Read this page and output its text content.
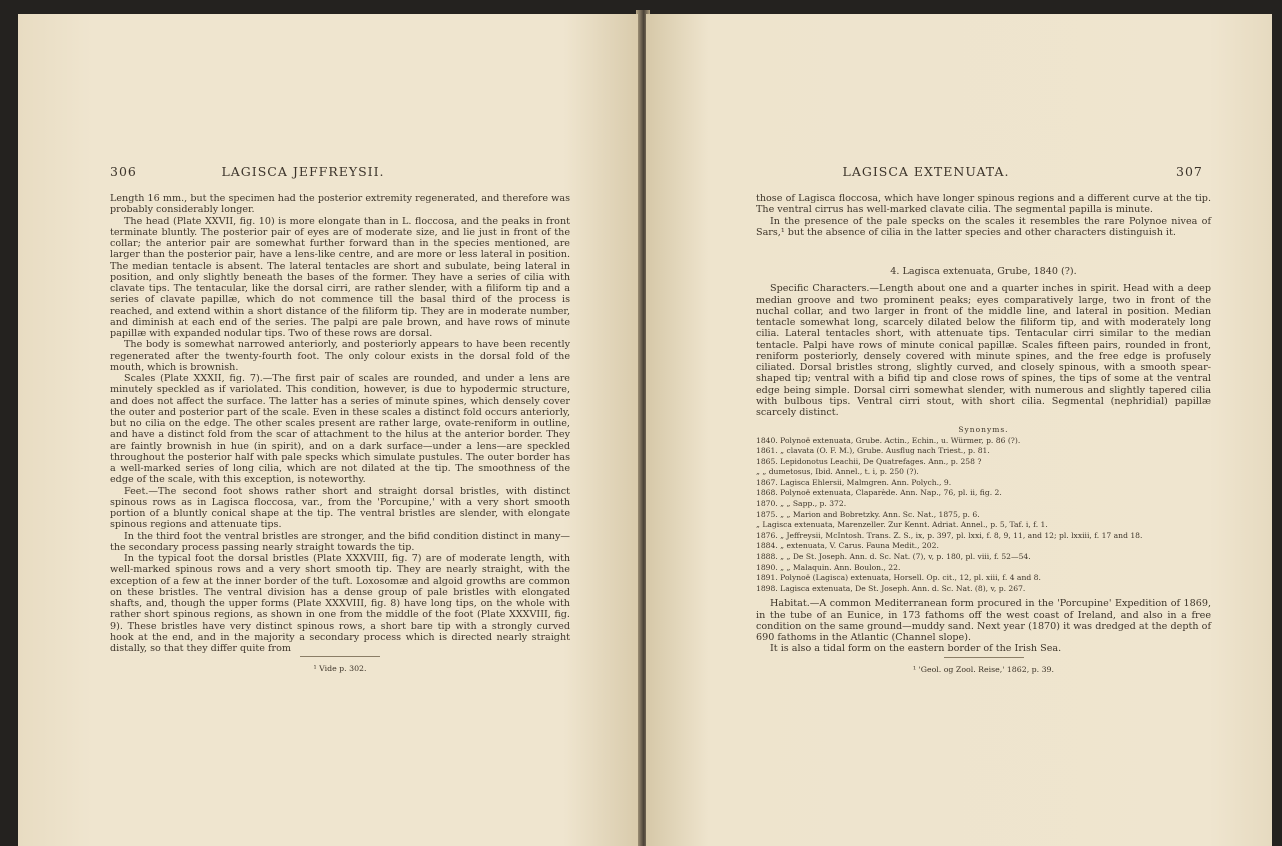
306	LAGISCA JEFFREYSII.

Length 16 mm., but the specimen had the posterior extremity regenerated, and therefore was probably considerably longer.

The head (Plate XXVII, fig. 10) is more elongate than in L. floccosa, and the peaks in front terminate bluntly. The posterior pair of eyes are of moderate size, and lie just in front of the collar; the anterior pair are somewhat further forward than in the species mentioned, are larger than the posterior pair, have a lens-like centre, and are more or less lateral in position. The median tentacle is absent. The lateral tentacles are short and subulate, being lateral in position, and only slightly beneath the bases of the former. They have a series of cilia with clavate tips. The tentacular, like the dorsal cirri, are rather slender, with a filiform tip and a series of clavate papillæ, which do not commence till the basal third of the process is reached, and extend within a short distance of the filiform tip. They are in moderate number, and diminish at each end of the series. The palpi are pale brown, and have rows of minute papillæ with expanded nodular tips. Two of these rows are dorsal.

The body is somewhat narrowed anteriorly, and posteriorly appears to have been recently regenerated after the twenty-fourth foot. The only colour exists in the dorsal fold of the mouth, which is brownish.

Scales (Plate XXXII, fig. 7).—The first pair of scales are rounded, and under a lens are minutely speckled as if variolated. This condition, however, is due to hypodermic structure, and does not affect the surface. The latter has a series of minute spines, which densely cover the outer and posterior part of the scale. Even in these scales a distinct fold occurs anteriorly, but no cilia on the edge. The other scales present are rather large, ovate-reniform in outline, and have a distinct fold from the scar of attachment to the hilus at the anterior border. They are faintly brownish in hue (in spirit), and on a dark surface—under a lens—are speckled throughout the posterior half with pale specks which simulate pustules. The outer border has a well-marked series of long cilia, which are not dilated at the tip. The smoothness of the edge of the scale, with this exception, is noteworthy.

Feet.—The second foot shows rather short and straight dorsal bristles, with distinct spinous rows as in Lagisca floccosa, var., from the 'Porcupine,' with a very short smooth portion of a bluntly conical shape at the tip. The ventral bristles are slender, with elongate spinous regions and attenuate tips.

In the third foot the ventral bristles are stronger, and the bifid condition distinct in many—the secondary process passing nearly straight towards the tip.

In the typical foot the dorsal bristles (Plate XXXVIII, fig. 7) are of moderate length, with well-marked spinous rows and a very short smooth tip. They are nearly straight, with the exception of a few at the inner border of the tuft. Loxosomæ and algoid growths are common on these bristles. The ventral division has a dense group of pale bristles with elongated shafts, and, though the upper forms (Plate XXXVIII, fig. 8) have long tips, on the whole with rather short spinous regions, as shown in one from the middle of the foot (Plate XXXVIII, fig. 9). These bristles have very distinct spinous rows, a short bare tip with a strongly curved hook at the end, and in the majority a secondary process which is directed nearly straight distally, so that they differ quite from

¹ Vide p. 302.

LAGISCA EXTENUATA.	307

those of Lagisca floccosa, which have longer spinous regions and a different curve at the tip. The ventral cirrus has well-marked clavate cilia. The segmental papilla is minute.

In the presence of the pale specks on the scales it resembles the rare Polynoe nivea of Sars,¹ but the absence of cilia in the latter species and other characters distinguish it.

4. Lagisca extenuata, Grube, 1840 (?).

Specific Characters.—Length about one and a quarter inches in spirit. Head with a deep median groove and two prominent peaks; eyes comparatively large, two in front of the nuchal collar, and two larger in front of the middle line, and lateral in position. Median tentacle somewhat long, scarcely dilated below the filiform tip, and with moderately long cilia. Lateral tentacles short, with attenuate tips. Tentacular cirri similar to the median tentacle. Palpi have rows of minute conical papillæ. Scales fifteen pairs, rounded in front, reniform posteriorly, densely covered with minute spines, and the free edge is profusely ciliated. Dorsal bristles strong, slightly curved, and closely spinous, with a smooth spear-shaped tip; ventral with a bifid tip and close rows of spines, the tips of some at the ventral edge being simple. Dorsal cirri somewhat slender, with numerous and slightly tapered cilia with bulbous tips. Ventral cirri stout, with short cilia. Segmental (nephridial) papillæ scarcely distinct.

Synonyms.

1840. Polynoë extenuata, Grube. Actin., Echin., u. Würmer, p. 86 (?).

1861. „ clavata (O. F. M.), Grube. Ausflug nach Triest., p. 81.

1865. Lepidonotus Leachii, De Quatrefages. Ann., p. 258 ?

„ „ dumetosus, Ibid. Annel., t. i, p. 250 (?).

1867. Lagisca Ehlersii, Malmgren. Ann. Polych., 9.

1868. Polynoë extenuata, Claparède. Ann. Nap., 76, pl. ii, fig. 2.

1870. „ „ Sapp., p. 372.

1875. „ „ Marion and Bobretzky. Ann. Sc. Nat., 1875, p. 6.

„ Lagisca extenuata, Marenzeller. Zur Kennt. Adriat. Annel., p. 5, Taf. i, f. 1.

1876. „ Jeffreysii, McIntosh. Trans. Z. S., ix, p. 397, pl. lxxi, f. 8, 9, 11, and 12; pl. lxxiii, f. 17 and 18.

1884. „ extenuata, V. Carus. Fauna Medit., 202.

1888. „ „ De St. Joseph. Ann. d. Sc. Nat. (7), v, p. 180, pl. viii, f. 52—54.

1890. „ „ Malaquin. Ann. Boulon., 22.

1891. Polynoë (Lagisca) extenuata, Horsell. Op. cit., 12, pl. xiii, f. 4 and 8.

1898. Lagisca extenuata, De St. Joseph. Ann. d. Sc. Nat. (8), v, p. 267.

Habitat.—A common Mediterranean form procured in the 'Porcupine' Expedition of 1869, in the tube of an Eunice, in 173 fathoms off the west coast of Ireland, and also in a free condition on the same ground—muddy sand. Next year (1870) it was dredged at the depth of 690 fathoms in the Atlantic (Channel slope).

It is also a tidal form on the eastern border of the Irish Sea.

¹ 'Geol. og Zool. Reise,' 1862, p. 39.
